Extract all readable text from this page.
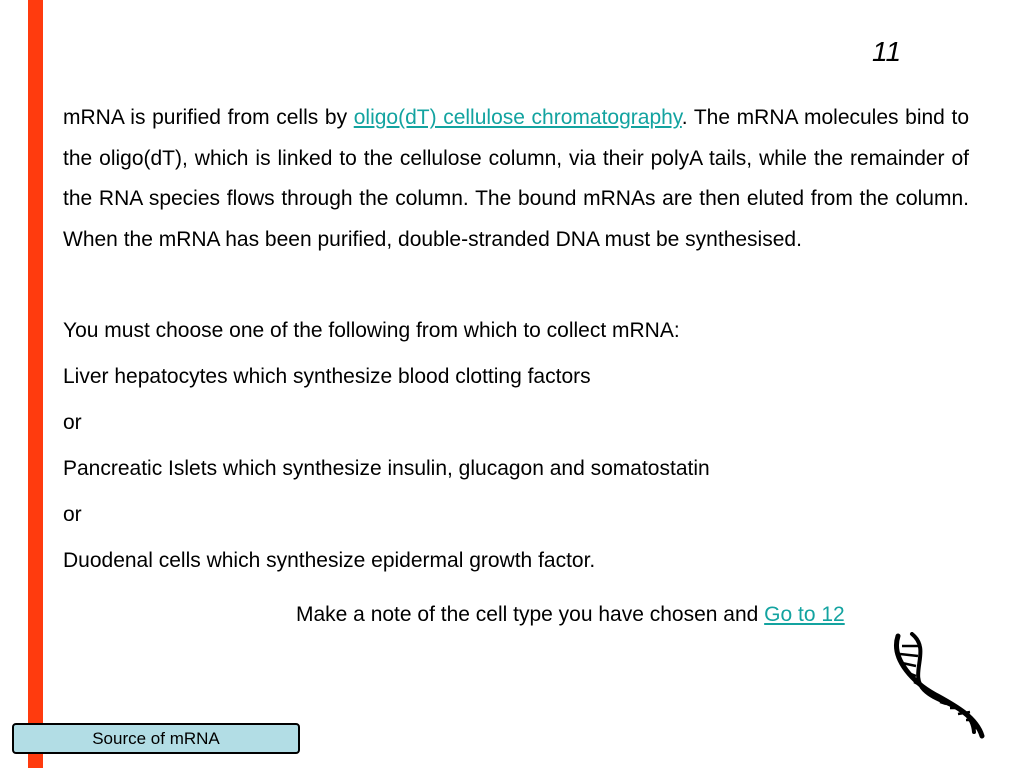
11

mRNA is purified from cells by oligo(dT) cellulose chromatography. The mRNA molecules bind to the oligo(dT), which is linked to the cellulose column, via their polyA tails, while the remainder of the RNA species flows through the column. The bound mRNAs are then eluted from the column. When the mRNA has been purified, double-stranded DNA must be synthesised.

You must choose one of the following from which to collect mRNA:

Liver hepatocytes which synthesize blood clotting factors

or

Pancreatic Islets which synthesize insulin, glucagon and somatostatin

or

Duodenal cells which synthesize epidermal growth factor.

Make a note of the cell type you have chosen and Go to 12
Source of mRNA
